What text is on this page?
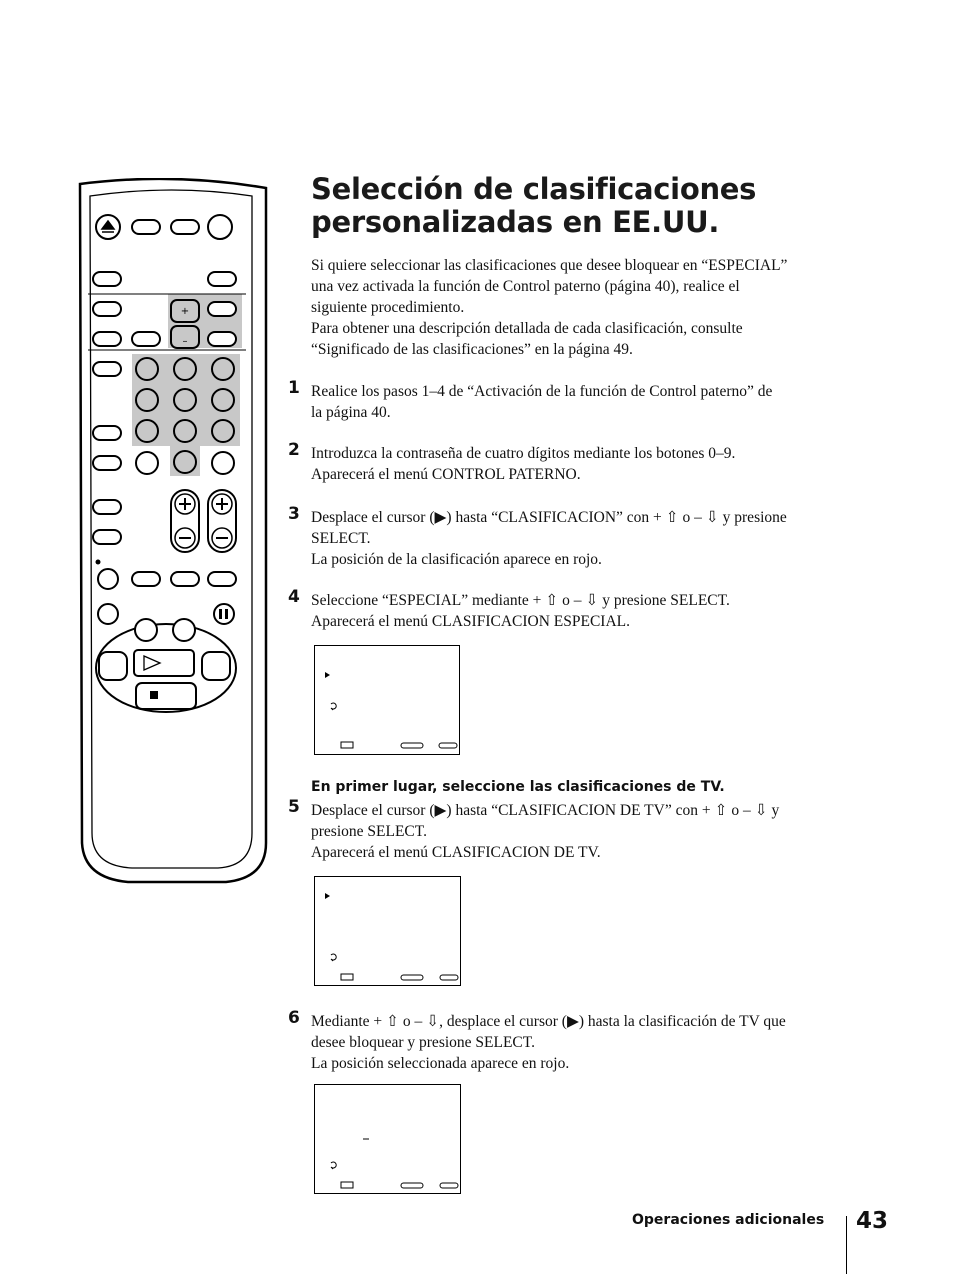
+
–
Selección de clasificaciones
personalizadas en EE.UU.
Si quiere seleccionar las clasificaciones que desee bloquear en “ESPECIAL”
una vez activada la función de Control paterno (página 40), realice el
siguiente procedimiento.
Para obtener una descripción detallada de cada clasificación, consulte
“Significado de las clasificaciones” en la página 49.
1 Realice los pasos 1–4 de “Activación de la función de Control paterno” de
la página 40.
2 Introduzca la contraseña de cuatro dígitos mediante los botones 0–9.
Aparecerá el menú CONTROL PATERNO.
3 Desplace el cursor (▶) hasta “CLASIFICACION” con + ⇧ o – ⇩ y presione
SELECT.
La posición de la clasificación aparece en rojo.
4 Seleccione “ESPECIAL” mediante + ⇧ o – ⇩ y presione SELECT.
Aparecerá el menú CLASIFICACION ESPECIAL.
En primer lugar, seleccione las clasificaciones de TV.
5 Desplace el cursor (▶) hasta “CLASIFICACION DE TV” con + ⇧ o – ⇩ y
presione SELECT.
Aparecerá el menú CLASIFICACION DE TV.
6 Mediante + ⇧ o – ⇩, desplace el cursor (▶) hasta la clasificación de TV que
desee bloquear y presione SELECT.
La posición seleccionada aparece en rojo.
Operaciones adicionales 43
